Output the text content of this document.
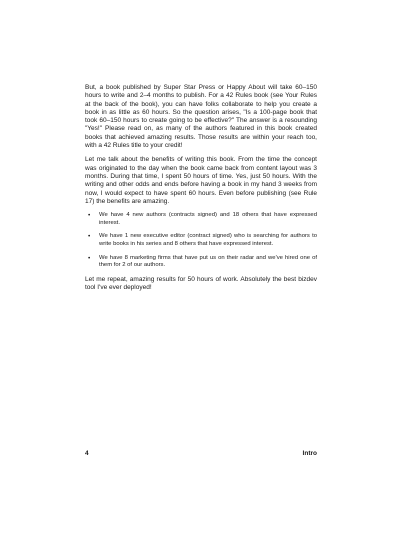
But, a book published by Super Star Press or Happy About will take 60–150 hours to write and 2–4 months to publish. For a 42 Rules book (see Your Rules at the back of the book), you can have folks collaborate to help you create a book in as little as 60 hours. So the question arises, "Is a 100-page book that took 60–150 hours to create going to be effective?" The answer is a resounding "Yes!" Please read on, as many of the authors featured in this book created books that achieved amazing results. Those results are within your reach too, with a 42 Rules title to your credit!

Let me talk about the benefits of writing this book. From the time the concept was originated to the day when the book came back from content layout was 3 months. During that time, I spent 50 hours of time. Yes, just 50 hours. With the writing and other odds and ends before having a book in my hand 3 weeks from now, I would expect to have spent 60 hours. Even before publishing (see Rule 17) the benefits are amazing.

• We have 4 new authors (contracts signed) and 18 others that have expressed interest.
• We have 1 new executive editor (contract signed) who is searching for authors to write books in his series and 8 others that have expressed interest.
• We have 8 marketing firms that have put us on their radar and we've hired one of them for 2 of our authors.

Let me repeat, amazing results for 50 hours of work. Absolutely the best bizdev tool I've ever deployed!

4	Intro
